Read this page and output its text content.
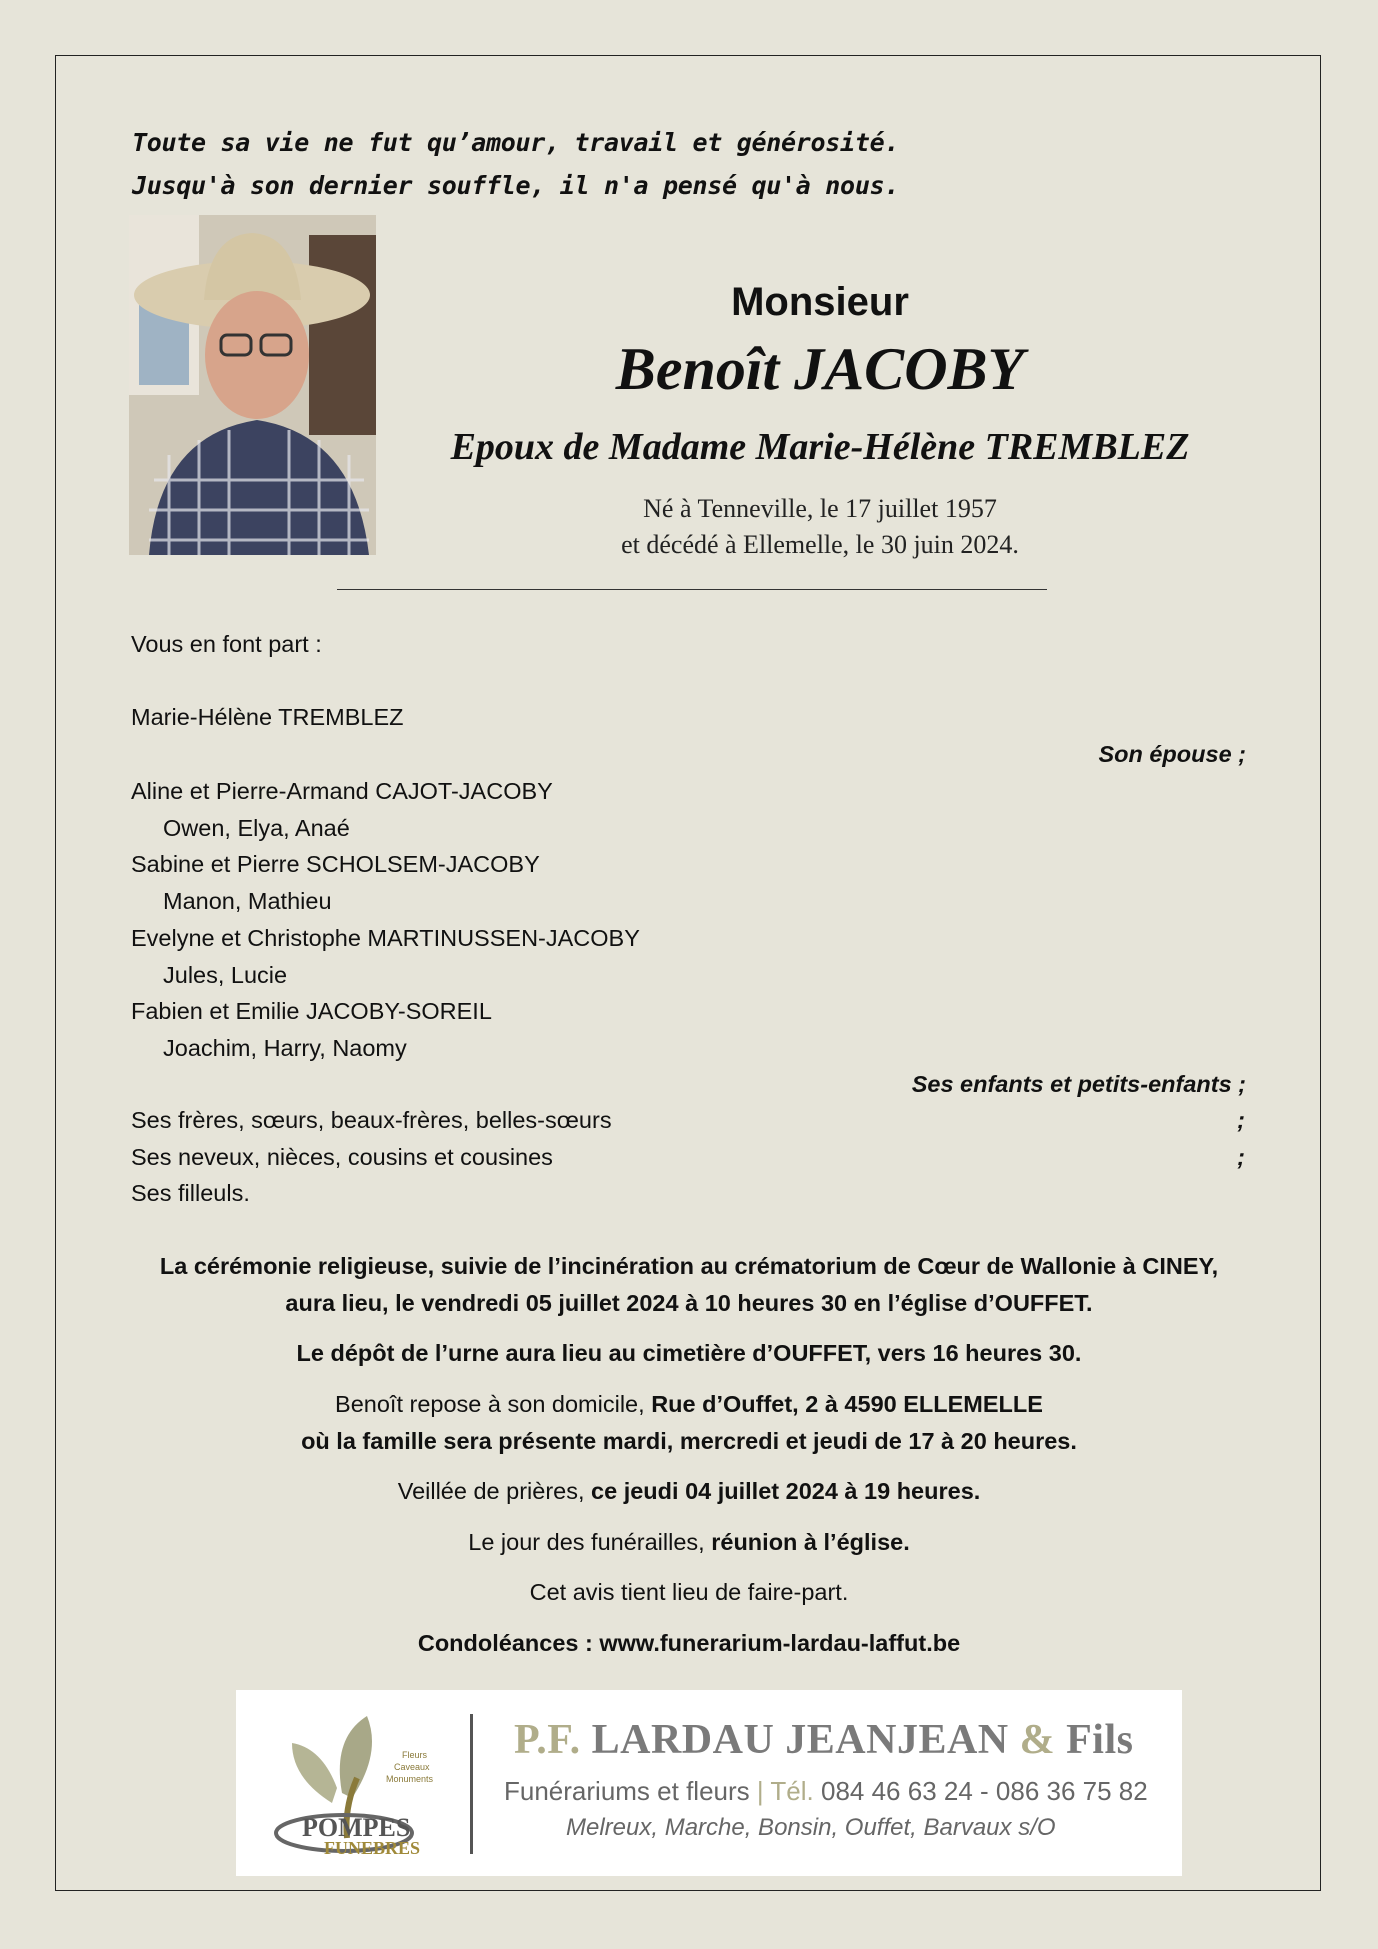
Toute sa vie ne fut qu’amour, travail et générosité.
Jusqu'à son dernier souffle, il n'a pensé qu'à nous.
Monsieur
Benoît JACOBY
Epoux de Madame Marie-Hélène TREMBLEZ
Né à Tenneville, le 17 juillet 1957
et décédé à Ellemelle, le 30 juin 2024.
Vous en font part :
Marie-Hélène TREMBLEZ
Son épouse ;
Aline et Pierre-Armand CAJOT-JACOBY
Owen, Elya, Anaé
Sabine et Pierre SCHOLSEM-JACOBY
Manon, Mathieu
Evelyne et Christophe MARTINUSSEN-JACOBY
Jules, Lucie
Fabien et Emilie JACOBY-SOREIL
Joachim, Harry, Naomy
Ses enfants et petits-enfants ;
Ses frères, sœurs, beaux-frères, belles-sœurs	;
Ses neveux, nièces, cousins et cousines	;
Ses filleuls.
La cérémonie religieuse, suivie de l’incinération au crématorium de Cœur de Wallonie à CINEY,
aura lieu, le vendredi 05 juillet 2024 à 10 heures 30 en l’église d’OUFFET.
Le dépôt de l’urne aura lieu au cimetière d’OUFFET, vers 16 heures 30.
Benoît repose à son domicile, Rue d’Ouffet, 2 à 4590 ELLEMELLE
où la famille sera présente mardi, mercredi et jeudi de 17 à 20 heures.
Veillée de prières, ce jeudi 04 juillet 2024 à 19 heures.
Le jour des funérailles, réunion à l’église.
Cet avis tient lieu de faire-part.
Condoléances : www.funerarium-lardau-laffut.be
Fleurs
Caveaux
Monuments
POMPES
FUNEBRES
P.F. LARDAU JEANJEAN & Fils
Funérariums et fleurs | Tél. 084 46 63 24 - 086 36 75 82
Melreux, Marche, Bonsin, Ouffet, Barvaux s/O
